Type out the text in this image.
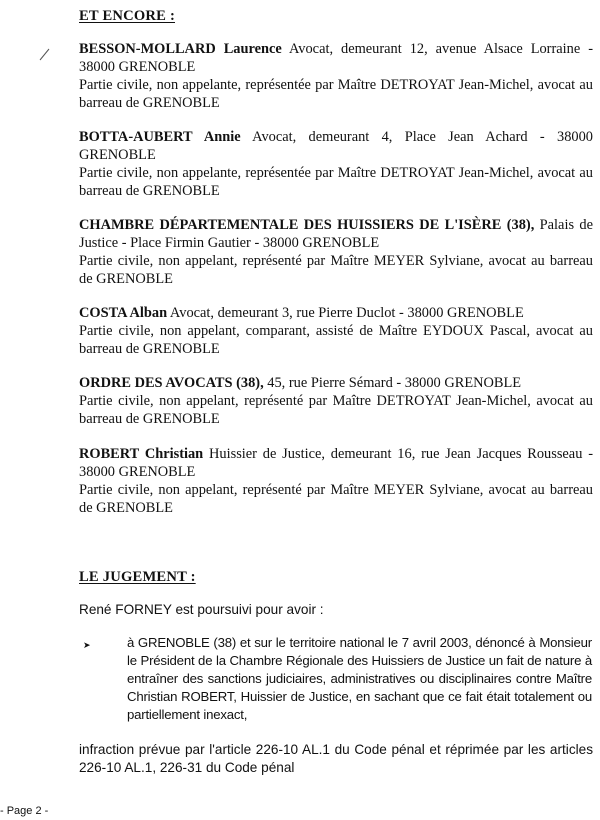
ET ENCORE :

BESSON-MOLLARD Laurence Avocat, demeurant 12, avenue Alsace Lorraine - 38000 GRENOBLE

Partie civile, non appelante, représentée par Maître DETROYAT Jean-Michel, avocat au barreau de GRENOBLE

BOTTA-AUBERT Annie Avocat, demeurant 4, Place Jean Achard - 38000 GRENOBLE

Partie civile, non appelante, représentée par Maître DETROYAT Jean-Michel, avocat au barreau de GRENOBLE

CHAMBRE DÉPARTEMENTALE DES HUISSIERS DE L'ISÈRE (38), Palais de Justice - Place Firmin Gautier - 38000 GRENOBLE

Partie civile, non appelant, représenté par Maître MEYER Sylviane, avocat au barreau de GRENOBLE

COSTA Alban Avocat, demeurant 3, rue Pierre Duclot - 38000 GRENOBLE

Partie civile, non appelant, comparant, assisté de Maître EYDOUX Pascal, avocat au barreau de GRENOBLE

ORDRE DES AVOCATS (38), 45, rue Pierre Sémard - 38000 GRENOBLE

Partie civile, non appelant, représenté par Maître DETROYAT Jean-Michel, avocat au barreau de GRENOBLE

ROBERT Christian Huissier de Justice, demeurant 16, rue Jean Jacques Rousseau - 38000 GRENOBLE

Partie civile, non appelant, représenté par Maître MEYER Sylviane, avocat au barreau de GRENOBLE

LE JUGEMENT :
René FORNEY est poursuivi pour avoir :
➤	à GRENOBLE (38) et sur le territoire national le 7 avril 2003, dénoncé à Monsieur le Président de la Chambre Régionale des Huissiers de Justice un fait de nature à entraîner des sanctions judiciaires, administratives ou disciplinaires contre Maître Christian ROBERT, Huissier de Justice, en sachant que ce fait était totalement ou partiellement inexact,
infraction prévue par l'article 226-10 AL.1 du Code pénal et réprimée par les articles 226-10 AL.1, 226-31 du Code pénal
- Page 2 -
